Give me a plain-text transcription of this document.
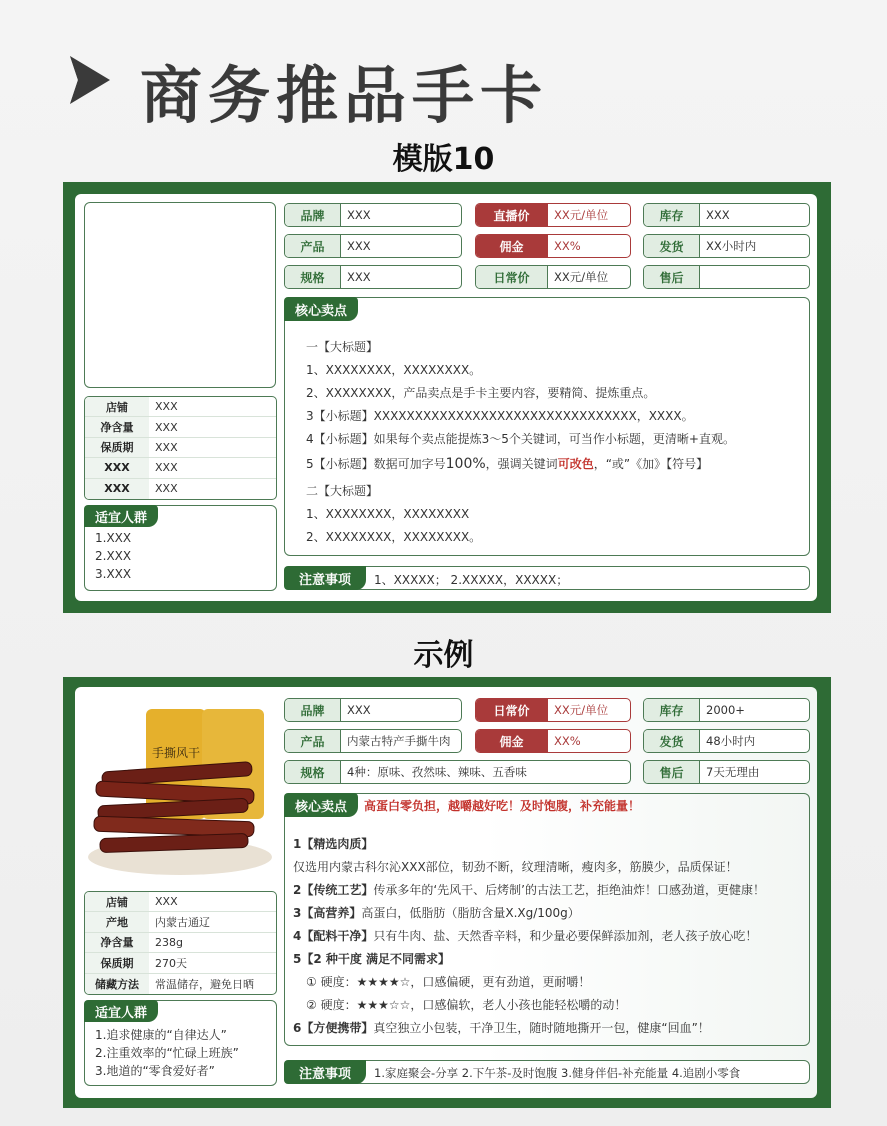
商务推品手卡
模版10
店铺	XXX
净含量	XXX
保质期	XXX
XXX	XXX
XXX	XXX
适宜人群
1.XXX
2.XXX
3.XXX
品牌	XXX
产品	XXX
规格	XXX
直播价	XX元/单位
佣金	XX%
日常价	XX元/单位
库存	XXX
发货	XX小时内
售后
核心卖点
一【大标题】
1、XXXXXXXX，XXXXXXXX。
2、XXXXXXXX，产品卖点是手卡主要内容，要精简、提炼重点。
3【小标题】XXXXXXXXXXXXXXXXXXXXXXXXXXXXXXXX，XXXX。
4【小标题】如果每个卖点能提炼3～5个关键词，可当作小标题，更清晰+直观。
5【小标题】数据可加字号100%，强调关键词可改色，“或”《加》【符号】
二【大标题】
1、XXXXXXXX，XXXXXXXX
2、XXXXXXXX，XXXXXXXX。
注意事项	1、XXXXX； 2.XXXXX，XXXXX；
示例
手撕风干
店铺	XXX
产地	内蒙古通辽
净含量	238g
保质期	270天
储藏方法	常温储存，避免日晒
适宜人群
1.追求健康的“自律达人”
2.注重效率的“忙碌上班族”
3.地道的“零食爱好者”
品牌	XXX
产品	内蒙古特产手撕牛肉
规格	4种：原味、孜然味、辣味、五香味
日常价	XX元/单位
佣金	XX%
库存	2000+
发货	48小时内
售后	7天无理由
核心卖点	高蛋白零负担，越嚼越好吃！及时饱腹，补充能量！
1【精选肉质】
仅选用内蒙古科尔沁XXX部位，韧劲不断，纹理清晰，瘦肉多，筋膜少，品质保证！
2【传统工艺】传承多年的‘先风干、后烤制’的古法工艺，拒绝油炸！口感劲道，更健康！
3【高营养】高蛋白，低脂肪（脂肪含量X.Xg/100g）
4【配料干净】只有牛肉、盐、天然香辛料，和少量必要保鲜添加剂，老人孩子放心吃！
5【2 种干度 满足不同需求】
① 硬度：★★★★☆，口感偏硬，更有劲道，更耐嚼！
② 硬度：★★★☆☆，口感偏软，老人小孩也能轻松嚼的动！
6【方便携带】真空独立小包装，干净卫生，随时随地撕开一包，健康“回血”！
注意事项	1.家庭聚会-分享 2.下午茶-及时饱腹 3.健身伴侣-补充能量 4.追剧小零食
